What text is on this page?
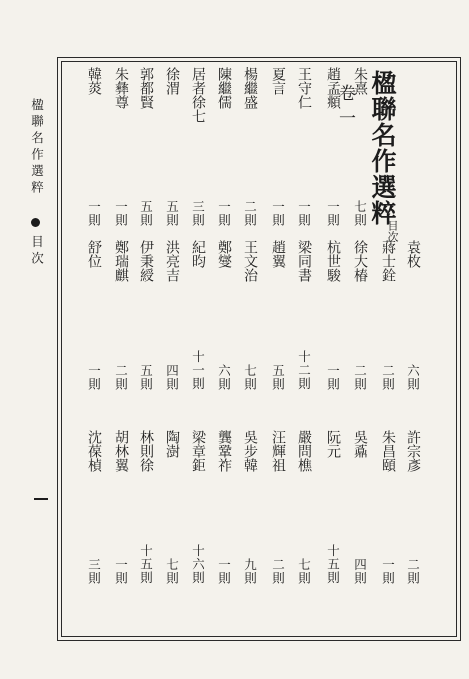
楹聯名作選粹
目次
楹聯名作選粹
目次
卷一
袁枚
六則
許宗彥
二則
蔣士銓
二則
朱昌頤
一則
朱熹
七則
徐大椿
二則
吳鼒
四則
趙孟頫
一則
杭世駿
一則
阮元
十五則
王守仁
一則
梁同書
十二則
嚴問樵
七則
夏言
一則
趙翼
五則
汪輝祖
二則
楊繼盛
二則
王文治
七則
吳步韓
九則
陳繼儒
一則
鄭燮
六則
龔鞏祚
一則
居者徐七
三則
紀昀
十一則
梁章鉅
十六則
徐渭
五則
洪亮吉
四則
陶澍
七則
郭都賢
五則
伊秉綬
五則
林則徐
十五則
朱彝尊
一則
鄭瑞麒
二則
胡林翼
一則
韓菼
一則
舒位
一則
沈葆楨
三則
